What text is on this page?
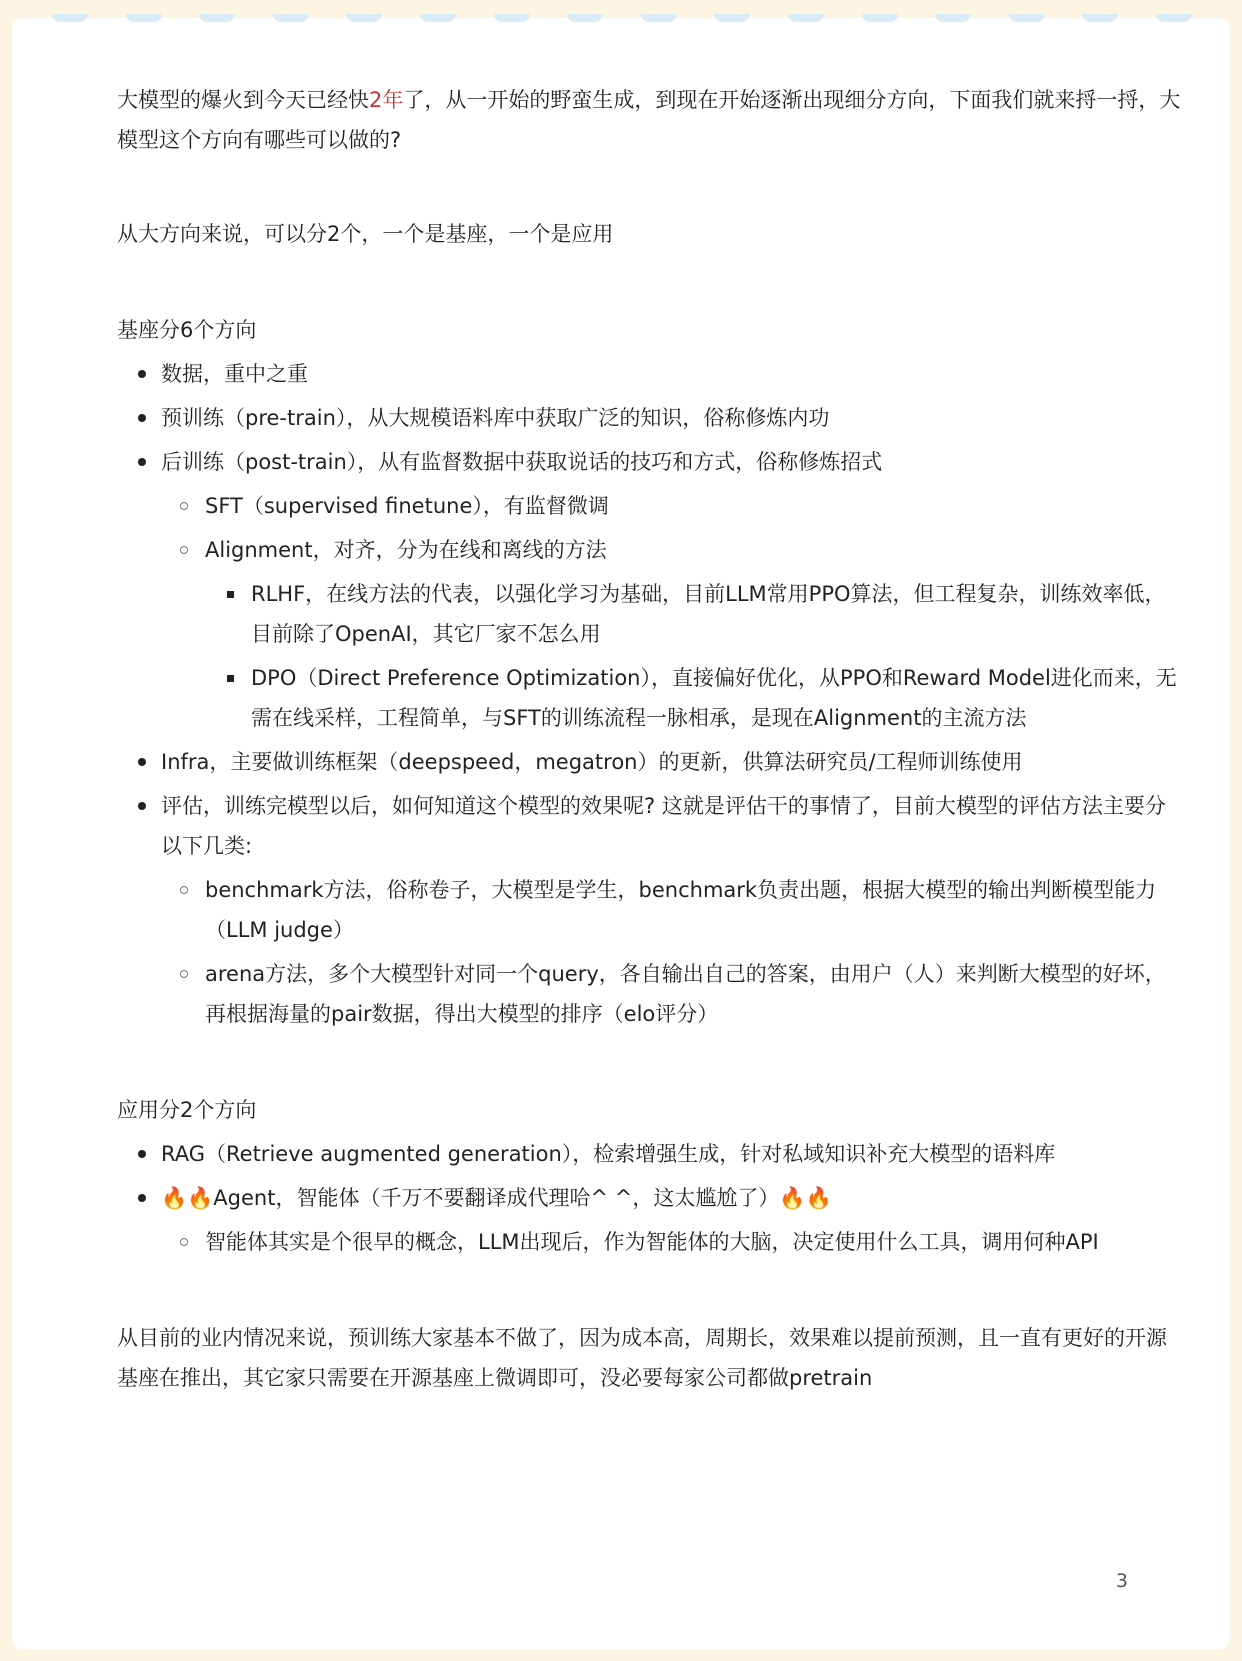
大模型的爆火到今天已经快2年了，从一开始的野蛮生成，到现在开始逐渐出现细分方向，下面我们就来捋一捋，大模型这个方向有哪些可以做的?

从大方向来说，可以分2个，一个是基座，一个是应用

基座分6个方向

数据，重中之重
预训练（pre-train），从大规模语料库中获取广泛的知识，俗称修炼内功
后训练（post-train），从有监督数据中获取说话的技巧和方式，俗称修炼招式
SFT（supervised finetune），有监督微调
Alignment，对齐，分为在线和离线的方法
RLHF，在线方法的代表，以强化学习为基础，目前LLM常用PPO算法，但工程复杂，训练效率低，目前除了OpenAI，其它厂家不怎么用
DPO（Direct Preference Optimization），直接偏好优化，从PPO和Reward Model进化而来，无需在线采样，工程简单，与SFT的训练流程一脉相承，是现在Alignment的主流方法
Infra，主要做训练框架（deepspeed，megatron）的更新，供算法研究员/工程师训练使用
评估，训练完模型以后，如何知道这个模型的效果呢? 这就是评估干的事情了，目前大模型的评估方法主要分以下几类:
benchmark方法，俗称卷子，大模型是学生，benchmark负责出题，根据大模型的输出判断模型能力（LLM judge）
arena方法，多个大模型针对同一个query，各自输出自己的答案，由用户（人）来判断大模型的好坏，再根据海量的pair数据，得出大模型的排序（elo评分）

应用分2个方向

RAG（Retrieve augmented generation），检索增强生成，针对私域知识补充大模型的语料库
🔥🔥Agent，智能体（千万不要翻译成代理哈^ ^，这太尴尬了）🔥🔥
智能体其实是个很早的概念，LLM出现后，作为智能体的大脑，决定使用什么工具，调用何种API

从目前的业内情况来说，预训练大家基本不做了，因为成本高，周期长，效果难以提前预测，且一直有更好的开源基座在推出，其它家只需要在开源基座上微调即可，没必要每家公司都做pretrain

3
